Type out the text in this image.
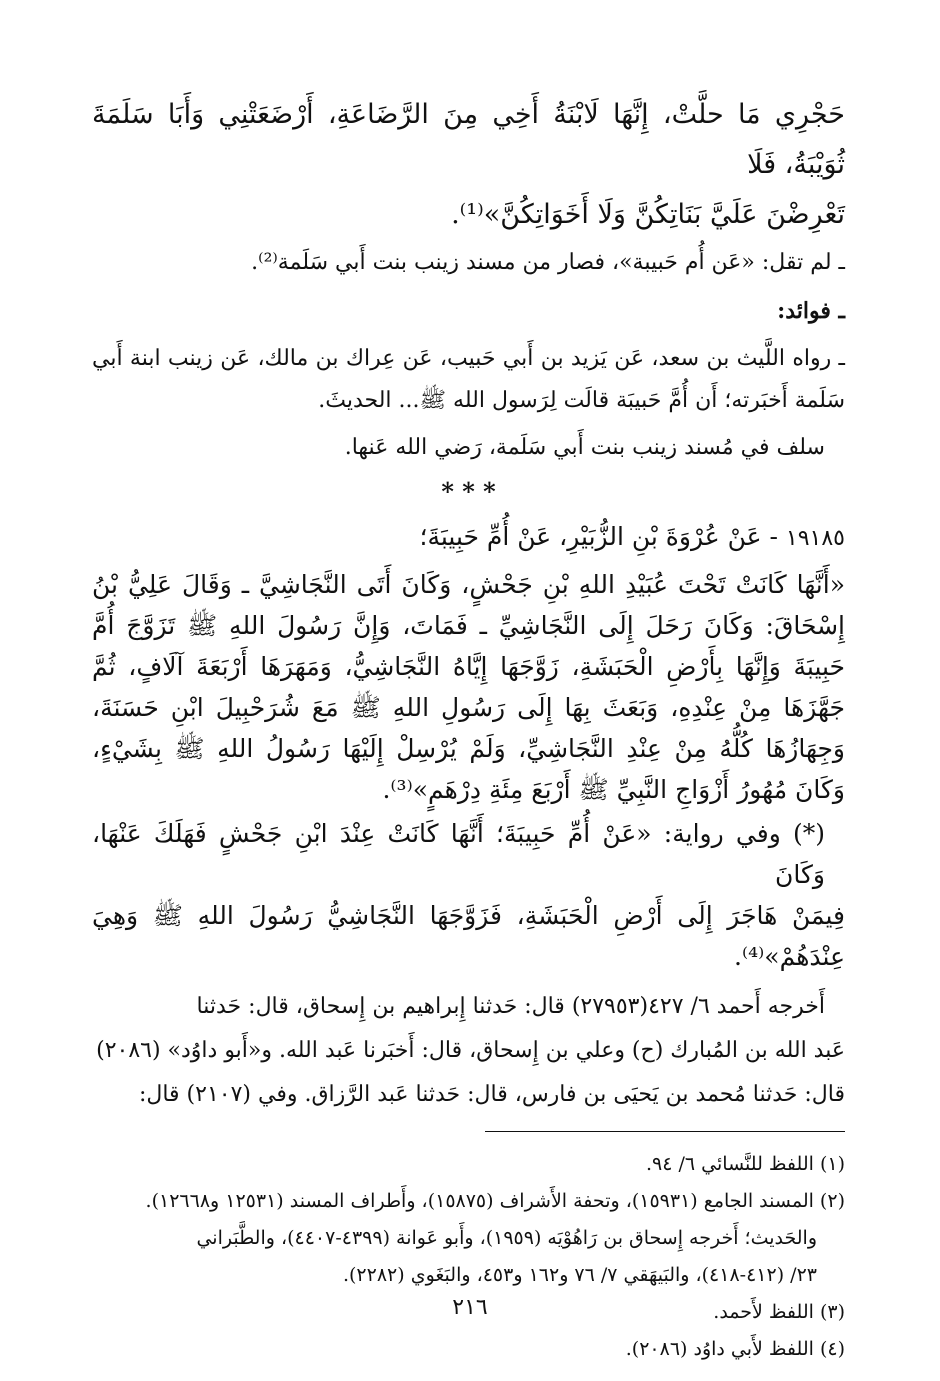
حَجْرِي مَا حلَّتْ، إِنَّهَا لَابْنَةُ أَخِي مِنَ الرَّضَاعَةِ، أَرْضَعَتْنِي وَأَبَا سَلَمَةَ ثُوَيْبَةُ، فَلَا

تَعْرِضْنَ عَلَيَّ بَنَاتِكُنَّ وَلَا أَخَوَاتِكُنَّ»⁽¹⁾.

ـ لم تقل: «عَن أُم حَبيبة»، فصار من مسند زينب بنت أَبي سَلَمة⁽²⁾.

ـ فوائد:

ـ رواه اللَّيث بن سعد، عَن يَزيد بن أَبي حَبيب، عَن عِراك بن مالك، عَن زينب ابنة أَبي سَلَمة أَخبَرته؛ أَن أُمَّ حَبيبَة قالَت لِرَسول الله ﷺ... الحديثَ.

سلف في مُسند زينب بنت أَبي سَلَمة، رَضي الله عَنها.

* * *

١٩١٨٥ - عَنْ عُرْوَةَ بْنِ الزُّبَيْرِ، عَنْ أُمِّ حَبِيبَةَ؛

«أَنَّهَا كَانَتْ تَحْتَ عُبَيْدِ اللهِ بْنِ جَحْشٍ، وَكَانَ أَتَى النَّجَاشِيَّ ـ وَقَالَ عَلِيُّ بْنُ إِسْحَاقَ: وَكَانَ رَحَلَ إِلَى النَّجَاشِيِّ ـ فَمَاتَ، وَإِنَّ رَسُولَ اللهِ ﷺ تَزَوَّجَ أُمَّ حَبِيبَةَ وَإِنَّهَا بِأَرْضِ الْحَبَشَةِ، زَوَّجَهَا إِيَّاهُ النَّجَاشِيُّ، وَمَهَرَهَا أَرْبَعَةَ آلَافٍ، ثُمَّ جَهَّزَهَا مِنْ عِنْدِهِ، وَبَعَثَ بِهَا إِلَى رَسُولِ اللهِ ﷺ مَعَ شُرَحْبِيلَ ابْنِ حَسَنَةَ، وَجِهَازُهَا كُلُّهُ مِنْ عِنْدِ النَّجَاشِيِّ، وَلَمْ يُرْسِلْ إِلَيْهَا رَسُولُ اللهِ ﷺ بِشَيْءٍ، وَكَانَ مُهُورُ أَزْوَاجِ النَّبِيِّ ﷺ أَرْبَعَ مِئَةِ دِرْهَمٍ»⁽³⁾.

(*) وفي رواية: «عَنْ أُمِّ حَبِيبَةَ؛ أَنَّهَا كَانَتْ عِنْدَ ابْنِ جَحْشٍ فَهَلَكَ عَنْهَا، وَكَانَ

فِيمَنْ هَاجَرَ إِلَى أَرْضِ الْحَبَشَةِ، فَزَوَّجَهَا النَّجَاشِيُّ رَسُولَ اللهِ ﷺ وَهِيَ عِنْدَهُمْ»⁽⁴⁾.

أَخرجه أَحمد ٦/ ٤٢٧(٢٧٩٥٣) قال: حَدثنا إِبراهيم بن إِسحاق، قال: حَدثنا

عَبد الله بن المُبارك (ح) وعلي بن إِسحاق، قال: أَخبَرنا عَبد الله. و«أَبو داوُد» (٢٠٨٦)

قال: حَدثنا مُحمد بن يَحيَى بن فارس، قال: حَدثنا عَبد الرَّزاق. وفي (٢١٠٧) قال:

(١) اللفظ للنَّسائي ٦/ ٩٤.

(٢) المسند الجامع (١٥٩٣١)، وتحفة الأَشراف (١٥٨٧٥)، وأَطراف المسند (١٢٥٣١ و١٢٦٦٨).

والحَديث؛ أَخرجه إِسحاق بن رَاهُوْيَه (١٩٥٩)، وأَبو عَوانة (٤٣٩٩-٤٤٠٧)، والطَّبَراني

٢٣/ (٤١٢-٤١٨)، والبَيهَقي ٧/ ٧٦ و١٦٢ و٤٥٣، والبَغَوي (٢٢٨٢).

(٣) اللفظ لأَحمد.

(٤) اللفظ لأَبي داوُد (٢٠٨٦).

٢١٦
